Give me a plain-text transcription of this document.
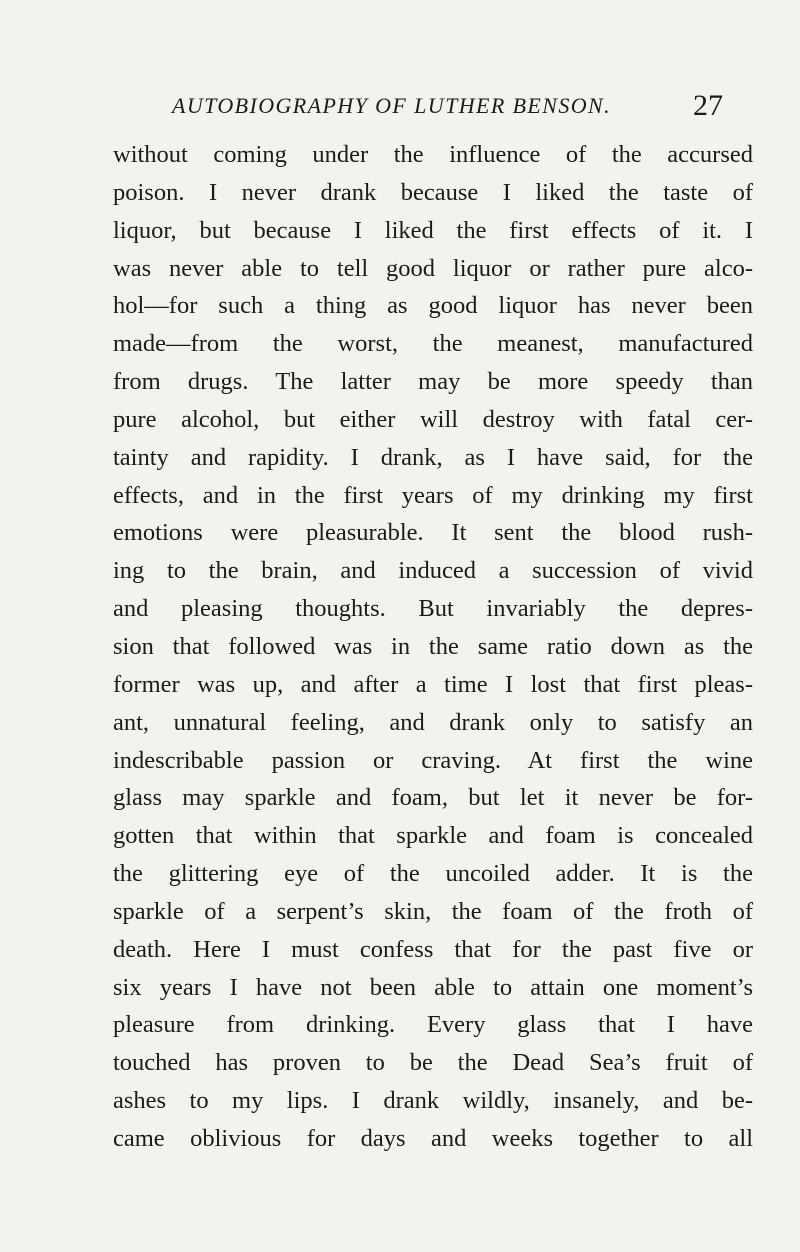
AUTOBIOGRAPHY OF LUTHER BENSON.	27
without coming under the influence of the accursed
poison. I never drank because I liked the taste of
liquor, but because I liked the first effects of it. I
was never able to tell good liquor or rather pure alco-
hol—for such a thing as good liquor has never been
made—from the worst, the meanest, manufactured
from drugs. The latter may be more speedy than
pure alcohol, but either will destroy with fatal cer-
tainty and rapidity. I drank, as I have said, for the
effects, and in the first years of my drinking my first
emotions were pleasurable. It sent the blood rush-
ing to the brain, and induced a succession of vivid
and pleasing thoughts. But invariably the depres-
sion that followed was in the same ratio down as the
former was up, and after a time I lost that first pleas-
ant, unnatural feeling, and drank only to satisfy an
indescribable passion or craving. At first the wine
glass may sparkle and foam, but let it never be for-
gotten that within that sparkle and foam is concealed
the glittering eye of the uncoiled adder. It is the
sparkle of a serpent’s skin, the foam of the froth of
death. Here I must confess that for the past five or
six years I have not been able to attain one moment’s
pleasure from drinking. Every glass that I have
touched has proven to be the Dead Sea’s fruit of
ashes to my lips. I drank wildly, insanely, and be-
came oblivious for days and weeks together to all
